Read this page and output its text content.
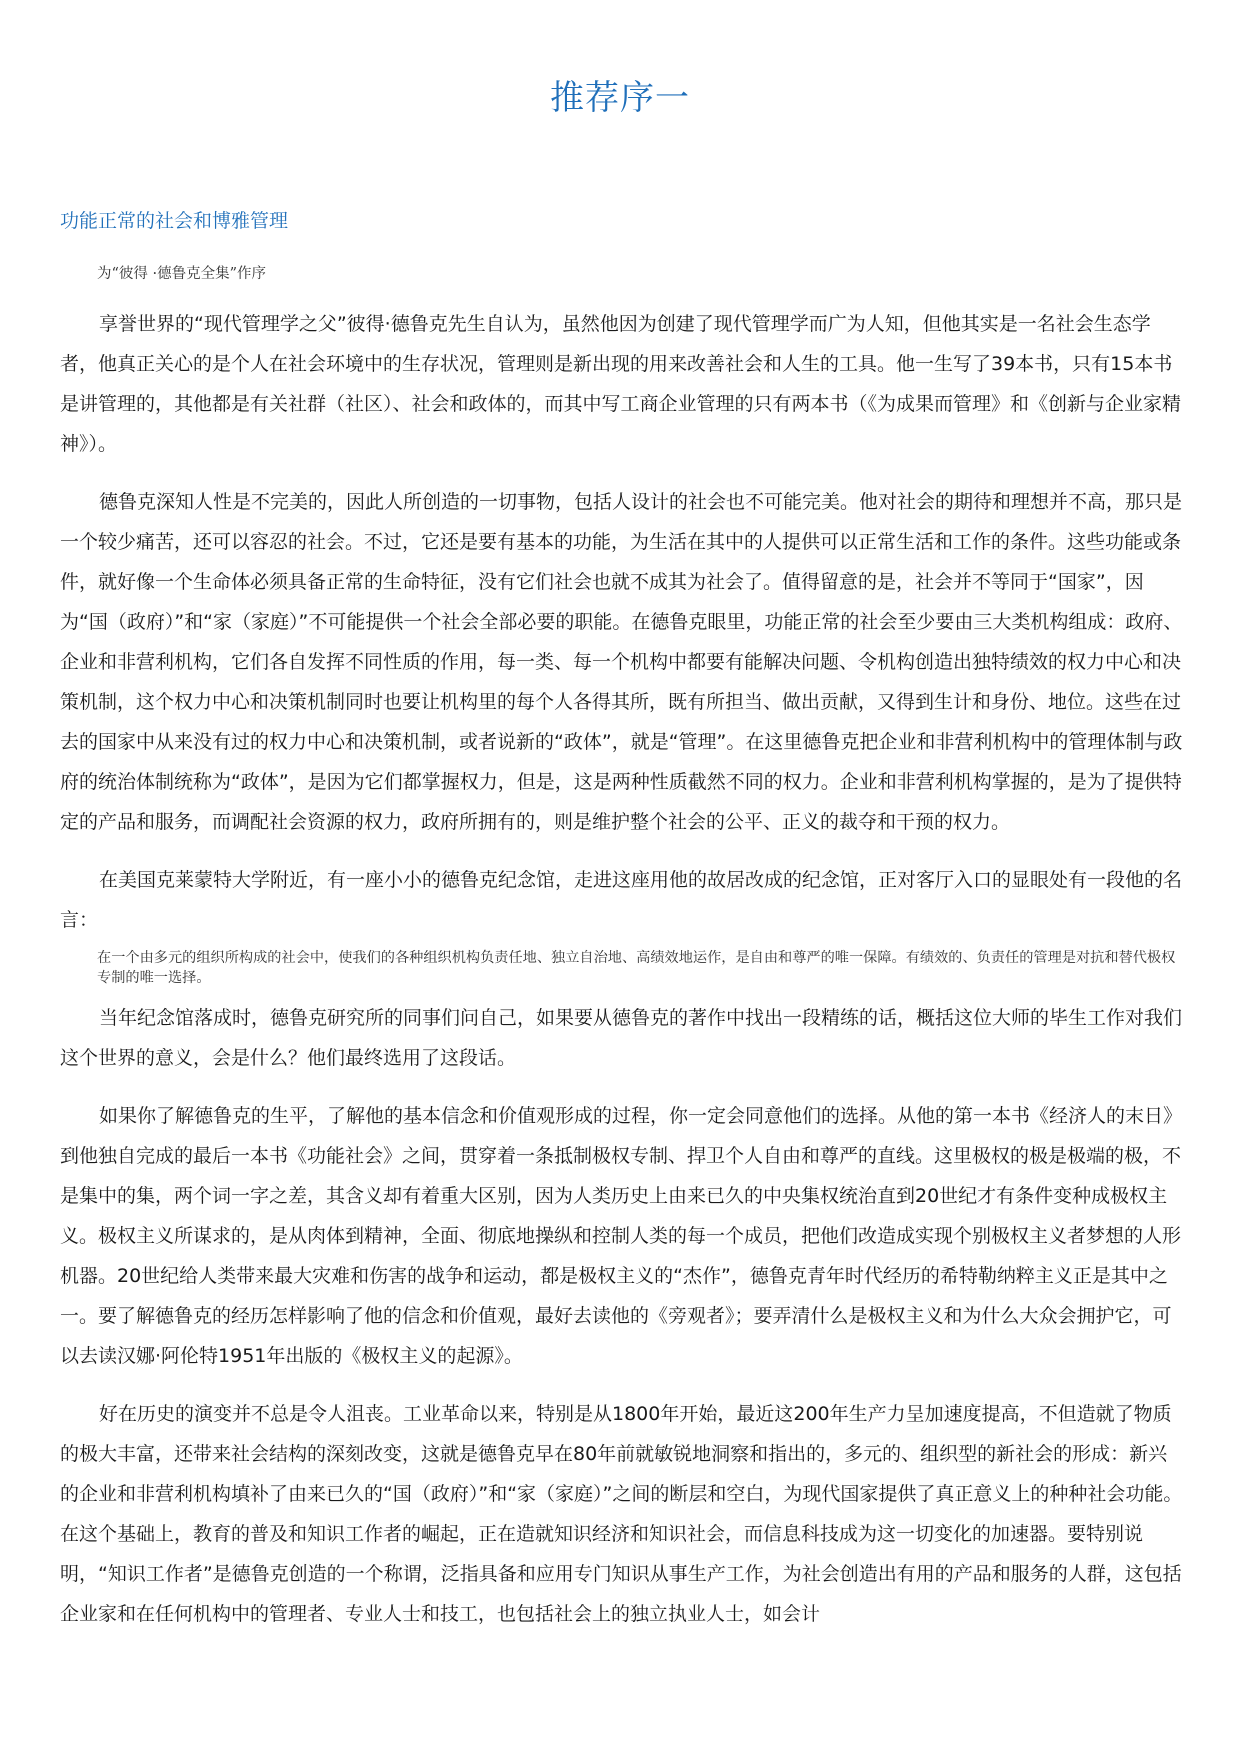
推荐序一
功能正常的社会和博雅管理
为“彼得 ·德鲁克全集”作序

享誉世界的“现代管理学之父”彼得·德鲁克先生自认为，虽然他因为创建了现代管理学而广为人知，但他其实是一名社会生态学者，他真正关心的是个人在社会环境中的生存状况，管理则是新出现的用来改善社会和人生的工具。他一生写了39本书，只有15本书是讲管理的，其他都是有关社群（社区）、社会和政体的，而其中写工商企业管理的只有两本书（《为成果而管理》和《创新与企业家精神》）。

德鲁克深知人性是不完美的，因此人所创造的一切事物，包括人设计的社会也不可能完美。他对社会的期待和理想并不高，那只是一个较少痛苦，还可以容忍的社会。不过，它还是要有基本的功能，为生活在其中的人提供可以正常生活和工作的条件。这些功能或条件，就好像一个生命体必须具备正常的生命特征，没有它们社会也就不成其为社会了。值得留意的是，社会并不等同于“国家”，因为“国（政府）”和“家（家庭）”不可能提供一个社会全部必要的职能。在德鲁克眼里，功能正常的社会至少要由三大类机构组成：政府、企业和非营利机构，它们各自发挥不同性质的作用，每一类、每一个机构中都要有能解决问题、令机构创造出独特绩效的权力中心和决策机制，这个权力中心和决策机制同时也要让机构里的每个人各得其所，既有所担当、做出贡献，又得到生计和身份、地位。这些在过去的国家中从来没有过的权力中心和决策机制，或者说新的“政体”，就是“管理”。在这里德鲁克把企业和非营利机构中的管理体制与政府的统治体制统称为“政体”，是因为它们都掌握权力，但是，这是两种性质截然不同的权力。企业和非营利机构掌握的，是为了提供特定的产品和服务，而调配社会资源的权力，政府所拥有的，则是维护整个社会的公平、正义的裁夺和干预的权力。

在美国克莱蒙特大学附近，有一座小小的德鲁克纪念馆，走进这座用他的故居改成的纪念馆，正对客厅入口的显眼处有一段他的名言：

在一个由多元的组织所构成的社会中，使我们的各种组织机构负责任地、独立自治地、高绩效地运作，是自由和尊严的唯一保障。有绩效的、负责任的管理是对抗和替代极权专制的唯一选择。

当年纪念馆落成时，德鲁克研究所的同事们问自己，如果要从德鲁克的著作中找出一段精练的话，概括这位大师的毕生工作对我们这个世界的意义，会是什么？他们最终选用了这段话。

如果你了解德鲁克的生平，了解他的基本信念和价值观形成的过程，你一定会同意他们的选择。从他的第一本书《经济人的末日》到他独自完成的最后一本书《功能社会》之间，贯穿着一条抵制极权专制、捍卫个人自由和尊严的直线。这里极权的极是极端的极，不是集中的集，两个词一字之差，其含义却有着重大区别，因为人类历史上由来已久的中央集权统治直到20世纪才有条件变种成极权主义。极权主义所谋求的，是从肉体到精神，全面、彻底地操纵和控制人类的每一个成员，把他们改造成实现个别极权主义者梦想的人形机器。20世纪给人类带来最大灾难和伤害的战争和运动，都是极权主义的“杰作”，德鲁克青年时代经历的希特勒纳粹主义正是其中之一。要了解德鲁克的经历怎样影响了他的信念和价值观，最好去读他的《旁观者》；要弄清什么是极权主义和为什么大众会拥护它，可以去读汉娜·阿伦特1951年出版的《极权主义的起源》。

好在历史的演变并不总是令人沮丧。工业革命以来，特别是从1800年开始，最近这200年生产力呈加速度提高，不但造就了物质的极大丰富，还带来社会结构的深刻改变，这就是德鲁克早在80年前就敏锐地洞察和指出的，多元的、组织型的新社会的形成：新兴的企业和非营利机构填补了由来已久的“国（政府）”和“家（家庭）”之间的断层和空白，为现代国家提供了真正意义上的种种社会功能。在这个基础上，教育的普及和知识工作者的崛起，正在造就知识经济和知识社会，而信息科技成为这一切变化的加速器。要特别说明，“知识工作者”是德鲁克创造的一个称谓，泛指具备和应用专门知识从事生产工作，为社会创造出有用的产品和服务的人群，这包括企业家和在任何机构中的管理者、专业人士和技工，也包括社会上的独立执业人士，如会计
